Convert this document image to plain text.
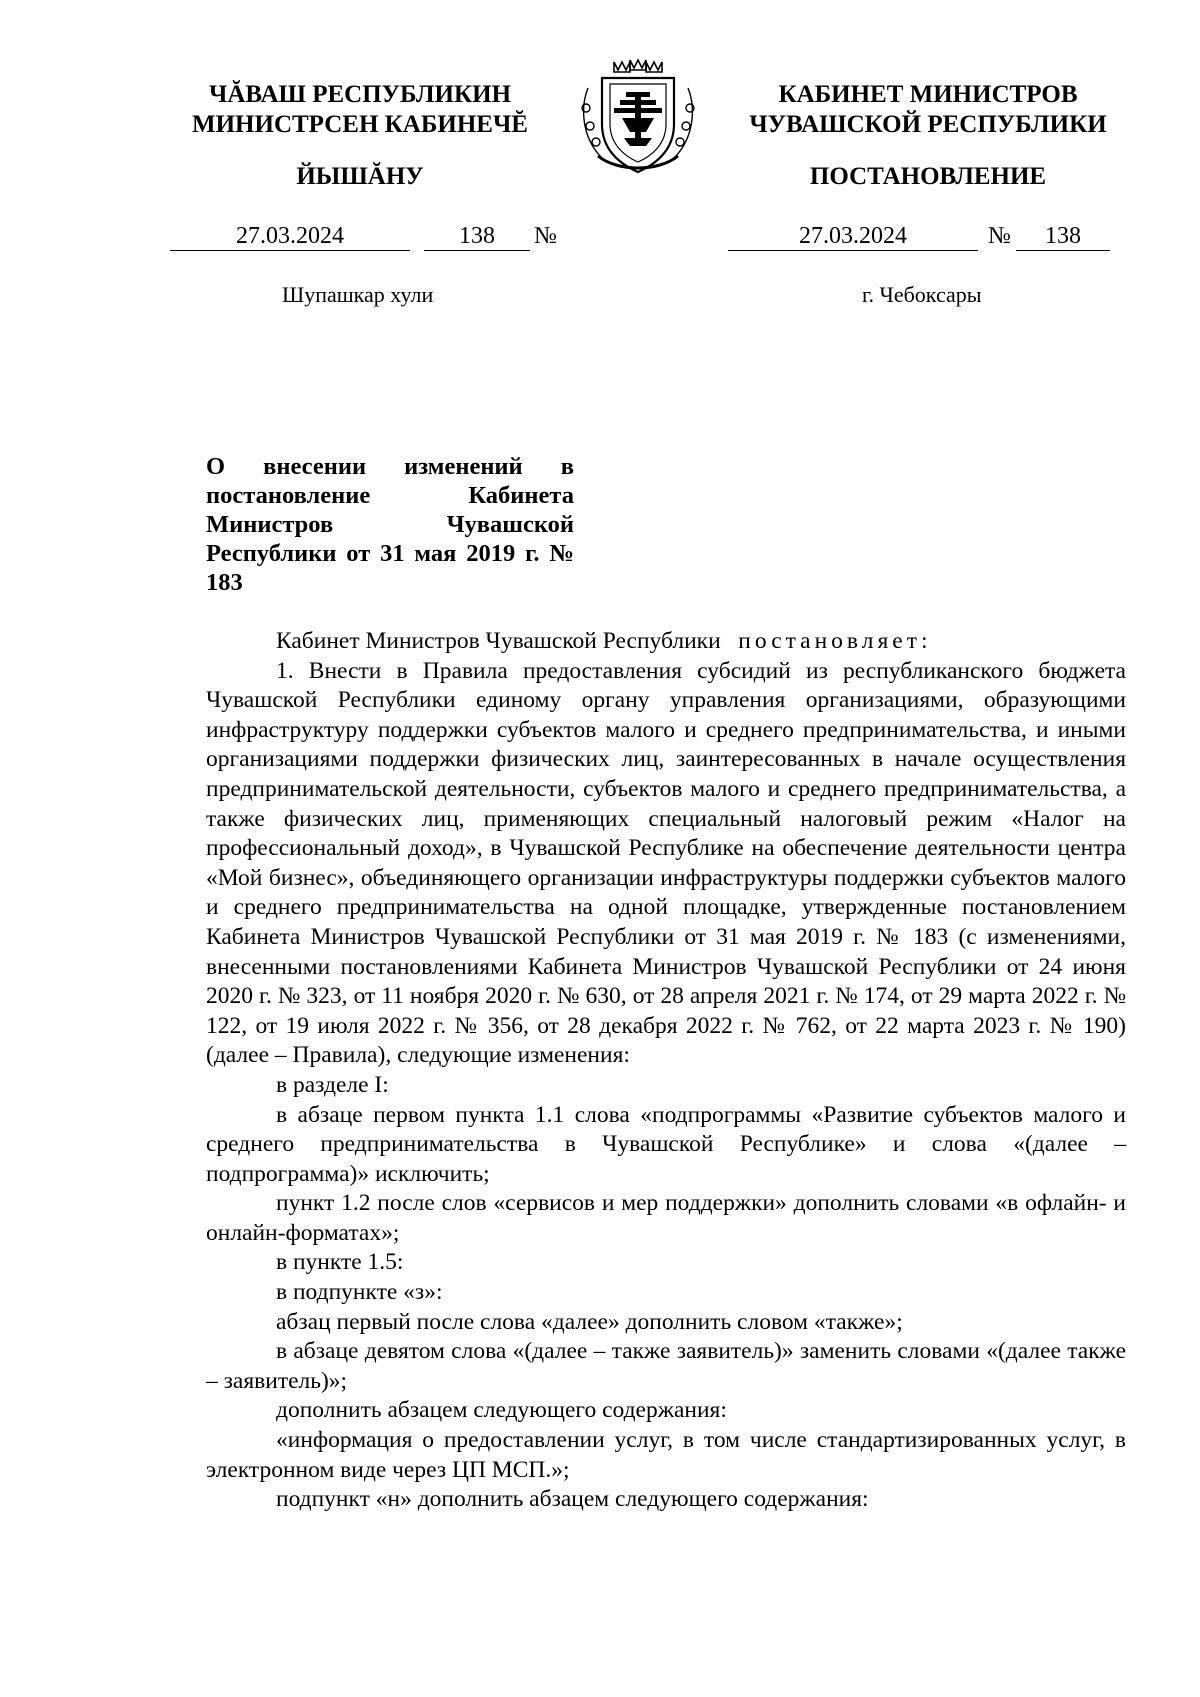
ЧĂВАШ РЕСПУБЛИКИН
МИНИСТРСЕН КАБИНЕЧĔ
ЙЫШĂНУ
КАБИНЕТ МИНИСТРОВ
ЧУВАШСКОЙ РЕСПУБЛИКИ
ПОСТАНОВЛЕНИЕ
27.03.2024	138	№	27.03.2024	№	138
Шупашкар хули	г. Чебоксары
О внесении изменений в постановление Кабинета Министров Чувашской Республики от 31 мая 2019 г. № 183

Кабинет Министров Чувашской Республики постановляет:

1. Внести в Правила предоставления субсидий из республиканского бюджета Чувашской Республики единому органу управления организациями, образующими инфраструктуру поддержки субъектов малого и среднего предпринимательства, и иными организациями поддержки физических лиц, заинтересованных в начале осуществления предпринимательской деятельности, субъектов малого и среднего предпринимательства, а также физических лиц, применяющих специальный налоговый режим «Налог на профессиональный доход», в Чувашской Республике на обеспечение деятельности центра «Мой бизнес», объединяющего организации инфраструктуры поддержки субъектов малого и среднего предпринимательства на одной площадке, утвержденные постановлением Кабинета Министров Чувашской Республики от 31 мая 2019 г. № 183 (с изменениями, внесенными постановлениями Кабинета Министров Чувашской Республики от 24 июня 2020 г. № 323, от 11 ноября 2020 г. № 630, от 28 апреля 2021 г. № 174, от 29 марта 2022 г. № 122, от 19 июля 2022 г. № 356, от 28 декабря 2022 г. № 762, от 22 марта 2023 г. № 190) (далее – Правила), следующие изменения:

в разделе I:

в абзаце первом пункта 1.1 слова «подпрограммы «Развитие субъектов малого и среднего предпринимательства в Чувашской Республике» и слова «(далее – подпрограмма)» исключить;

пункт 1.2 после слов «сервисов и мер поддержки» дополнить словами «в офлайн- и онлайн-форматах»;

в пункте 1.5:

в подпункте «з»:

абзац первый после слова «далее» дополнить словом «также»;

в абзаце девятом слова «(далее – также заявитель)» заменить словами «(далее также – заявитель)»;

дополнить абзацем следующего содержания:

«информация о предоставлении услуг, в том числе стандартизированных услуг, в электронном виде через ЦП МСП.»;

подпункт «н» дополнить абзацем следующего содержания:
